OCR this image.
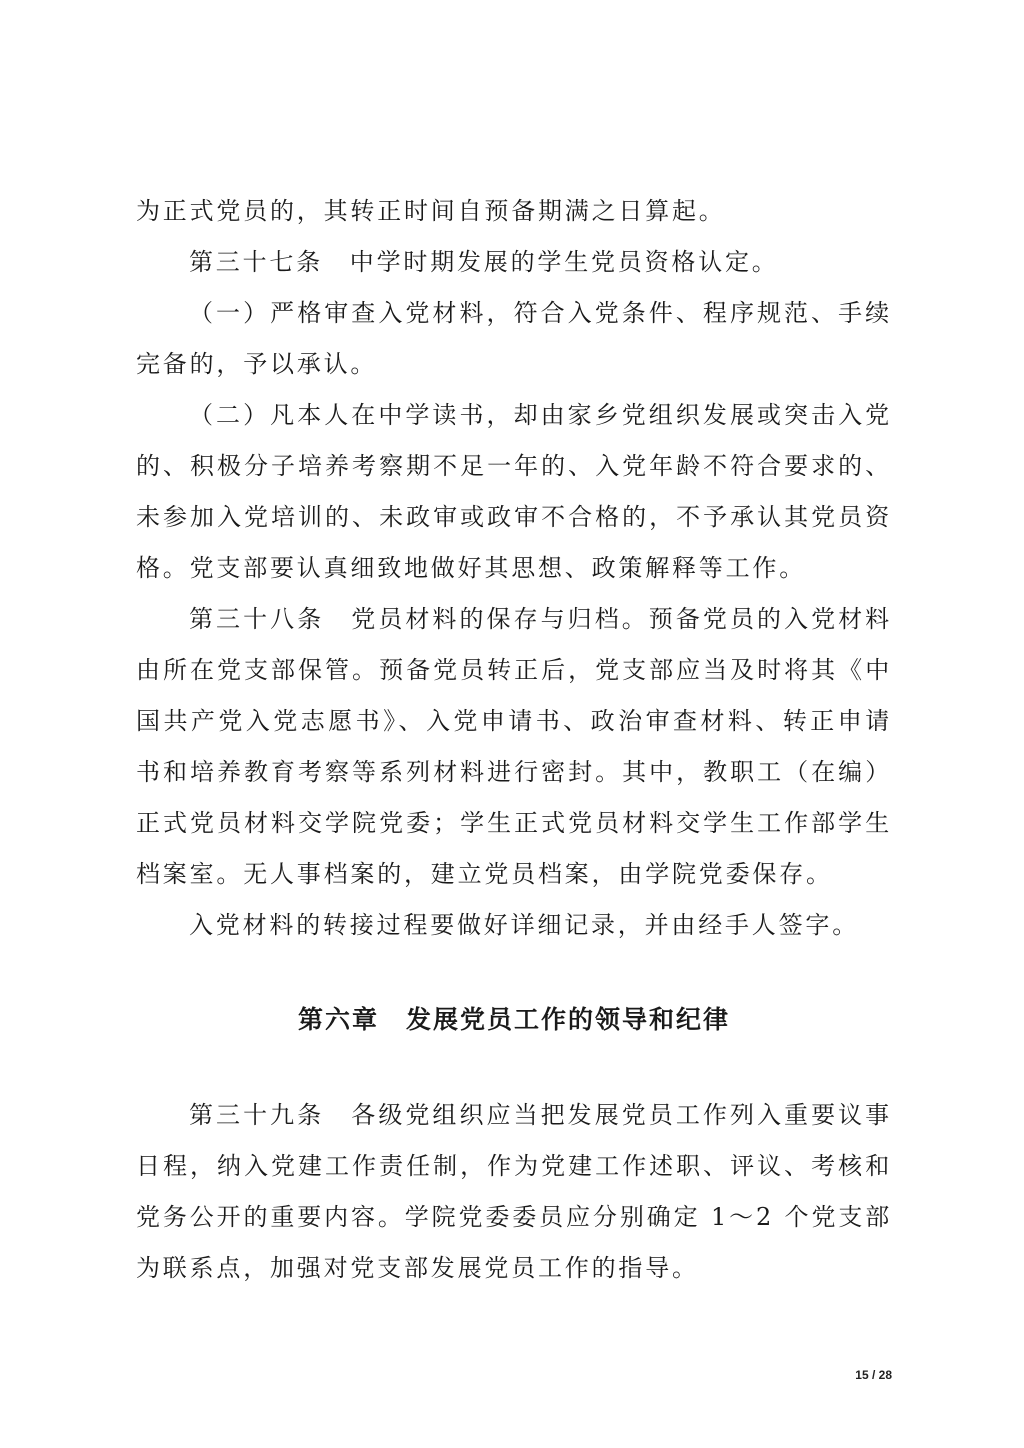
为正式党员的，其转正时间自预备期满之日算起。

第三十七条　中学时期发展的学生党员资格认定。

（一）严格审查入党材料，符合入党条件、程序规范、手续完备的，予以承认。

（二）凡本人在中学读书，却由家乡党组织发展或突击入党的、积极分子培养考察期不足一年的、入党年龄不符合要求的、未参加入党培训的、未政审或政审不合格的，不予承认其党员资格。党支部要认真细致地做好其思想、政策解释等工作。

第三十八条　党员材料的保存与归档。预备党员的入党材料由所在党支部保管。预备党员转正后，党支部应当及时将其《中国共产党入党志愿书》、入党申请书、政治审查材料、转正申请书和培养教育考察等系列材料进行密封。其中，教职工（在编）正式党员材料交学院党委；学生正式党员材料交学生工作部学生档案室。无人事档案的，建立党员档案，由学院党委保存。

入党材料的转接过程要做好详细记录，并由经手人签字。

第六章　发展党员工作的领导和纪律

第三十九条　各级党组织应当把发展党员工作列入重要议事日程，纳入党建工作责任制，作为党建工作述职、评议、考核和党务公开的重要内容。学院党委委员应分别确定 1～2 个党支部为联系点，加强对党支部发展党员工作的指导。

15 / 28
